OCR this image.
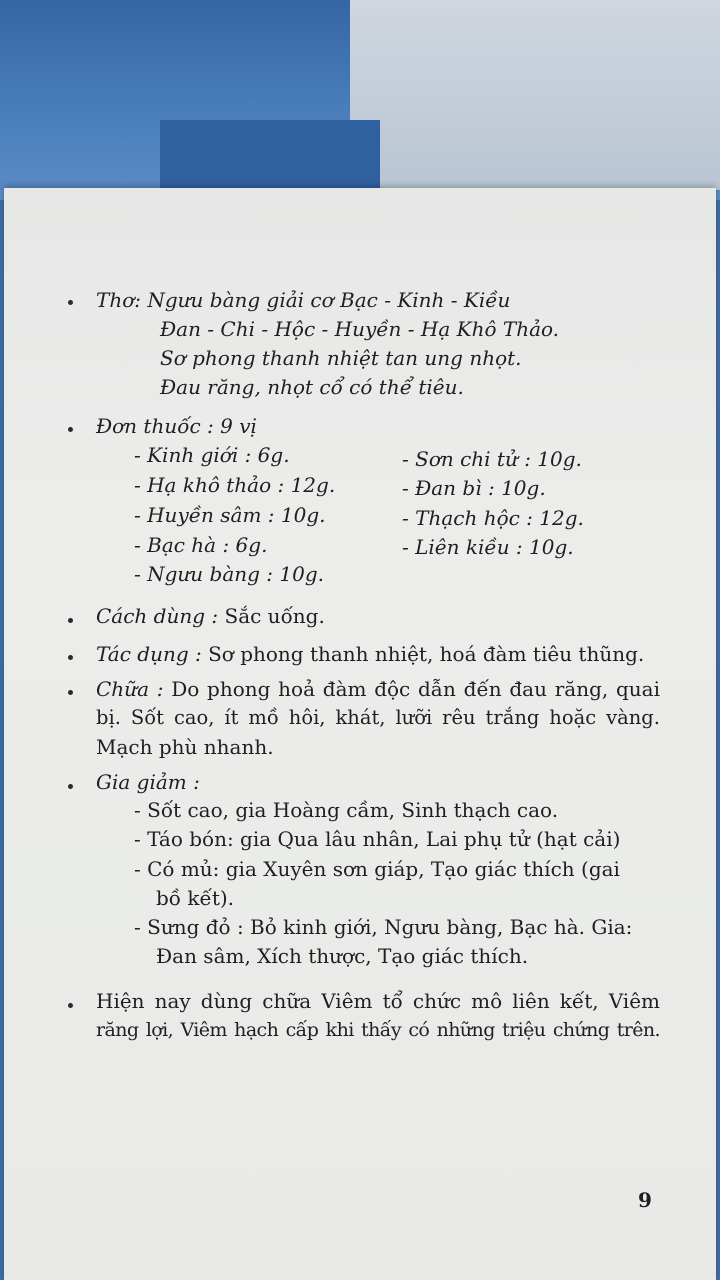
Thơ: Ngưu bàng giải cơ Bạc - Kinh - Kiều
Đan - Chi - Hộc - Huyền - Hạ Khô Thảo.
Sơ phong thanh nhiệt tan ung nhọt.
Đau răng, nhọt cổ có thể tiêu.
Đơn thuốc : 9 vị
- Kinh giới : 6g.
- Hạ khô thảo : 12g.
- Huyền sâm : 10g.
- Bạc hà : 6g.
- Ngưu bàng : 10g.
- Sơn chi tử : 10g.
- Đan bì : 10g.
- Thạch hộc : 12g.
- Liên kiều : 10g.
Cách dùng : Sắc uống.
Tác dụng : Sơ phong thanh nhiệt, hoá đàm tiêu thũng.
Chữa : Do phong hoả đàm độc dẫn đến đau răng, quai
bị. Sốt cao, ít mồ hôi, khát, lưỡi rêu trắng hoặc vàng.
Mạch phù nhanh.
Gia giảm :
- Sốt cao, gia Hoàng cầm, Sinh thạch cao.
- Táo bón: gia Qua lâu nhân, Lai phụ tử (hạt cải)
- Có mủ: gia Xuyên sơn giáp, Tạo giác thích (gai
bồ kết).
- Sưng đỏ : Bỏ kinh giới, Ngưu bàng, Bạc hà. Gia:
Đan sâm, Xích thược, Tạo giác thích.
Hiện nay dùng chữa Viêm tổ chức mô liên kết, Viêm
răng lợi, Viêm hạch cấp khi thấy có những triệu chứng trên.
9
